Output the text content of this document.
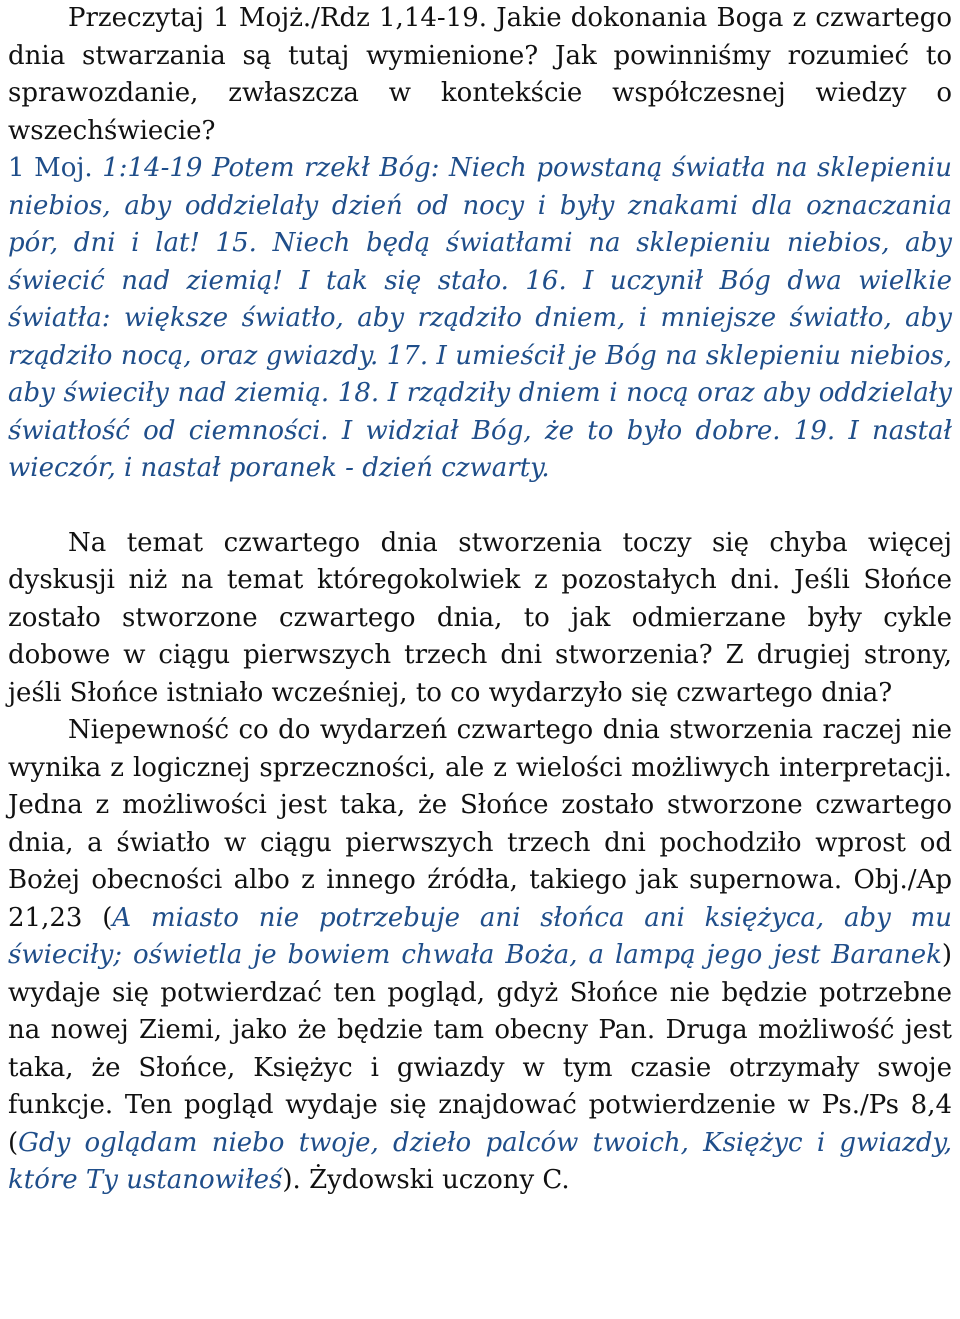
Przeczytaj 1 Mojż./Rdz 1,14-19. Jakie dokonania Boga z czwartego dnia stwarzania są tutaj wymienione? Jak powinniśmy rozumieć to sprawozdanie, zwłaszcza w kontekście współczesnej wiedzy o wszechświecie?

1 Moj. 1:14-19 Potem rzekł Bóg: Niech powstaną światła na sklepieniu niebios, aby oddzielały dzień od nocy i były znakami dla oznaczania pór, dni i lat! 15. Niech będą światłami na sklepieniu niebios, aby świecić nad ziemią! I tak się stało. 16. I uczynił Bóg dwa wielkie światła: większe światło, aby rządziło dniem, i mniejsze światło, aby rządziło nocą, oraz gwiazdy. 17. I umieścił je Bóg na sklepieniu niebios, aby świeciły nad ziemią. 18. I rządziły dniem i nocą oraz aby oddzielały światłość od ciemności. I widział Bóg, że to było dobre. 19. I nastał wieczór, i nastał poranek - dzień czwarty.

Na temat czwartego dnia stworzenia toczy się chyba więcej dyskusji niż na temat któregokolwiek z pozostałych dni. Jeśli Słońce zostało stworzone czwartego dnia, to jak odmierzane były cykle dobowe w ciągu pierwszych trzech dni stworzenia? Z drugiej strony, jeśli Słońce istniało wcześniej, to co wydarzyło się czwartego dnia?

Niepewność co do wydarzeń czwartego dnia stworzenia raczej nie wynika z logicznej sprzeczności, ale z wielości możliwych interpretacji. Jedna z możliwości jest taka, że Słońce zostało stworzone czwartego dnia, a światło w ciągu pierwszych trzech dni pochodziło wprost od Bożej obecności albo z innego źródła, takiego jak supernowa. Obj./Ap 21,23 (A miasto nie potrzebuje ani słońca ani księżyca, aby mu świeciły; oświetla je bowiem chwała Boża, a lampą jego jest Baranek) wydaje się potwierdzać ten pogląd, gdyż Słońce nie będzie potrzebne na nowej Ziemi, jako że będzie tam obecny Pan. Druga możliwość jest taka, że Słońce, Księżyc i gwiazdy w tym czasie otrzymały swoje funkcje. Ten pogląd wydaje się znajdować potwierdzenie w Ps./Ps 8,4 (Gdy oglądam niebo twoje, dzieło palców twoich, Księżyc i gwiazdy, które Ty ustanowiłeś). Żydowski uczony C.
